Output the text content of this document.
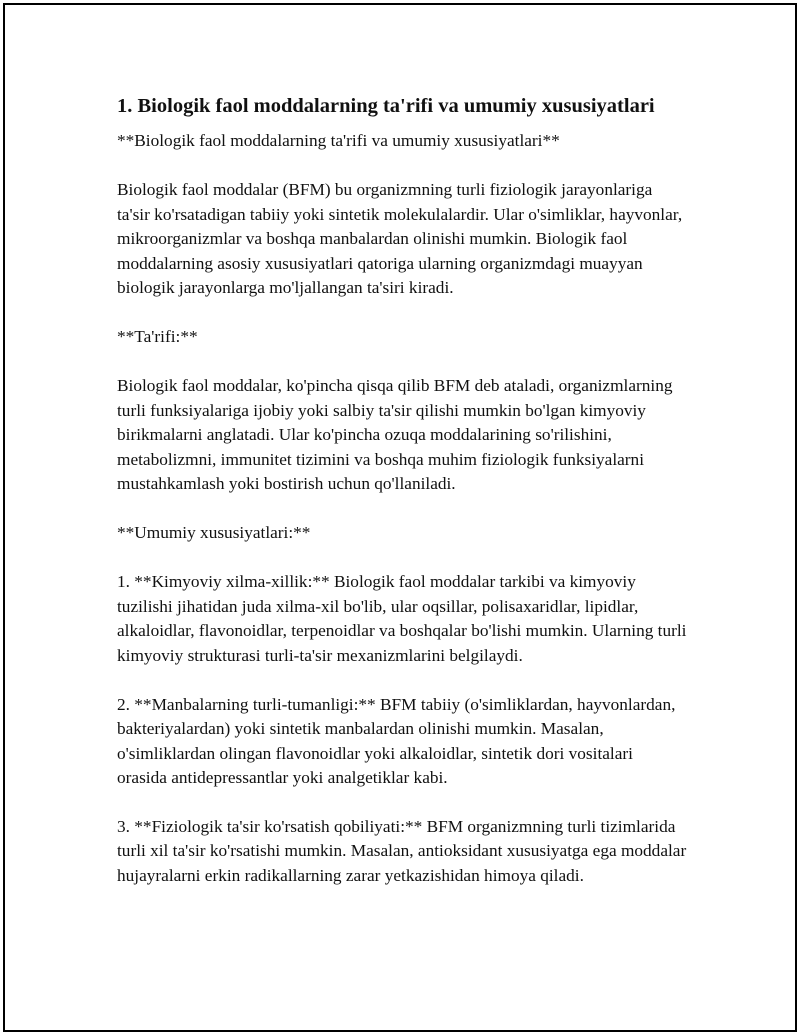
1. Biologik faol moddalarning ta'rifi va umumiy xususiyatlari

**Biologik faol moddalarning ta'rifi va umumiy xususiyatlari**

Biologik faol moddalar (BFM) bu organizmning turli fiziologik jarayonlariga ta'sir ko'rsatadigan tabiiy yoki sintetik molekulalardir. Ular o'simliklar, hayvonlar, mikroorganizmlar va boshqa manbalardan olinishi mumkin. Biologik faol moddalarning asosiy xususiyatlari qatoriga ularning organizmdagi muayyan biologik jarayonlarga mo'ljallangan ta'siri kiradi.

**Ta'rifi:**

Biologik faol moddalar, ko'pincha qisqa qilib BFM deb ataladi, organizmlarning turli funksiyalariga ijobiy yoki salbiy ta'sir qilishi mumkin bo'lgan kimyoviy birikmalarni anglatadi. Ular ko'pincha ozuqa moddalarining so'rilishini, metabolizmni, immunitet tizimini va boshqa muhim fiziologik funksiyalarni mustahkamlash yoki bostirish uchun qo'llaniladi.

**Umumiy xususiyatlari:**

1. **Kimyoviy xilma-xillik:** Biologik faol moddalar tarkibi va kimyoviy tuzilishi jihatidan juda xilma-xil bo'lib, ular oqsillar, polisaxaridlar, lipidlar, alkaloidlar, flavonoidlar, terpenoidlar va boshqalar bo'lishi mumkin. Ularning turli kimyoviy strukturasi turli-ta'sir mexanizmlarini belgilaydi.

2. **Manbalarning turli-tumanligi:** BFM tabiiy (o'simliklardan, hayvonlardan, bakteriyalardan) yoki sintetik manbalardan olinishi mumkin. Masalan, o'simliklardan olingan flavonoidlar yoki alkaloidlar, sintetik dori vositalari orasida antidepressantlar yoki analgetiklar kabi.

3. **Fiziologik ta'sir ko'rsatish qobiliyati:** BFM organizmning turli tizimlarida turli xil ta'sir ko'rsatishi mumkin. Masalan, antioksidant xususiyatga ega moddalar hujayralarni erkin radikallarning zarar yetkazishidan himoya qiladi.
